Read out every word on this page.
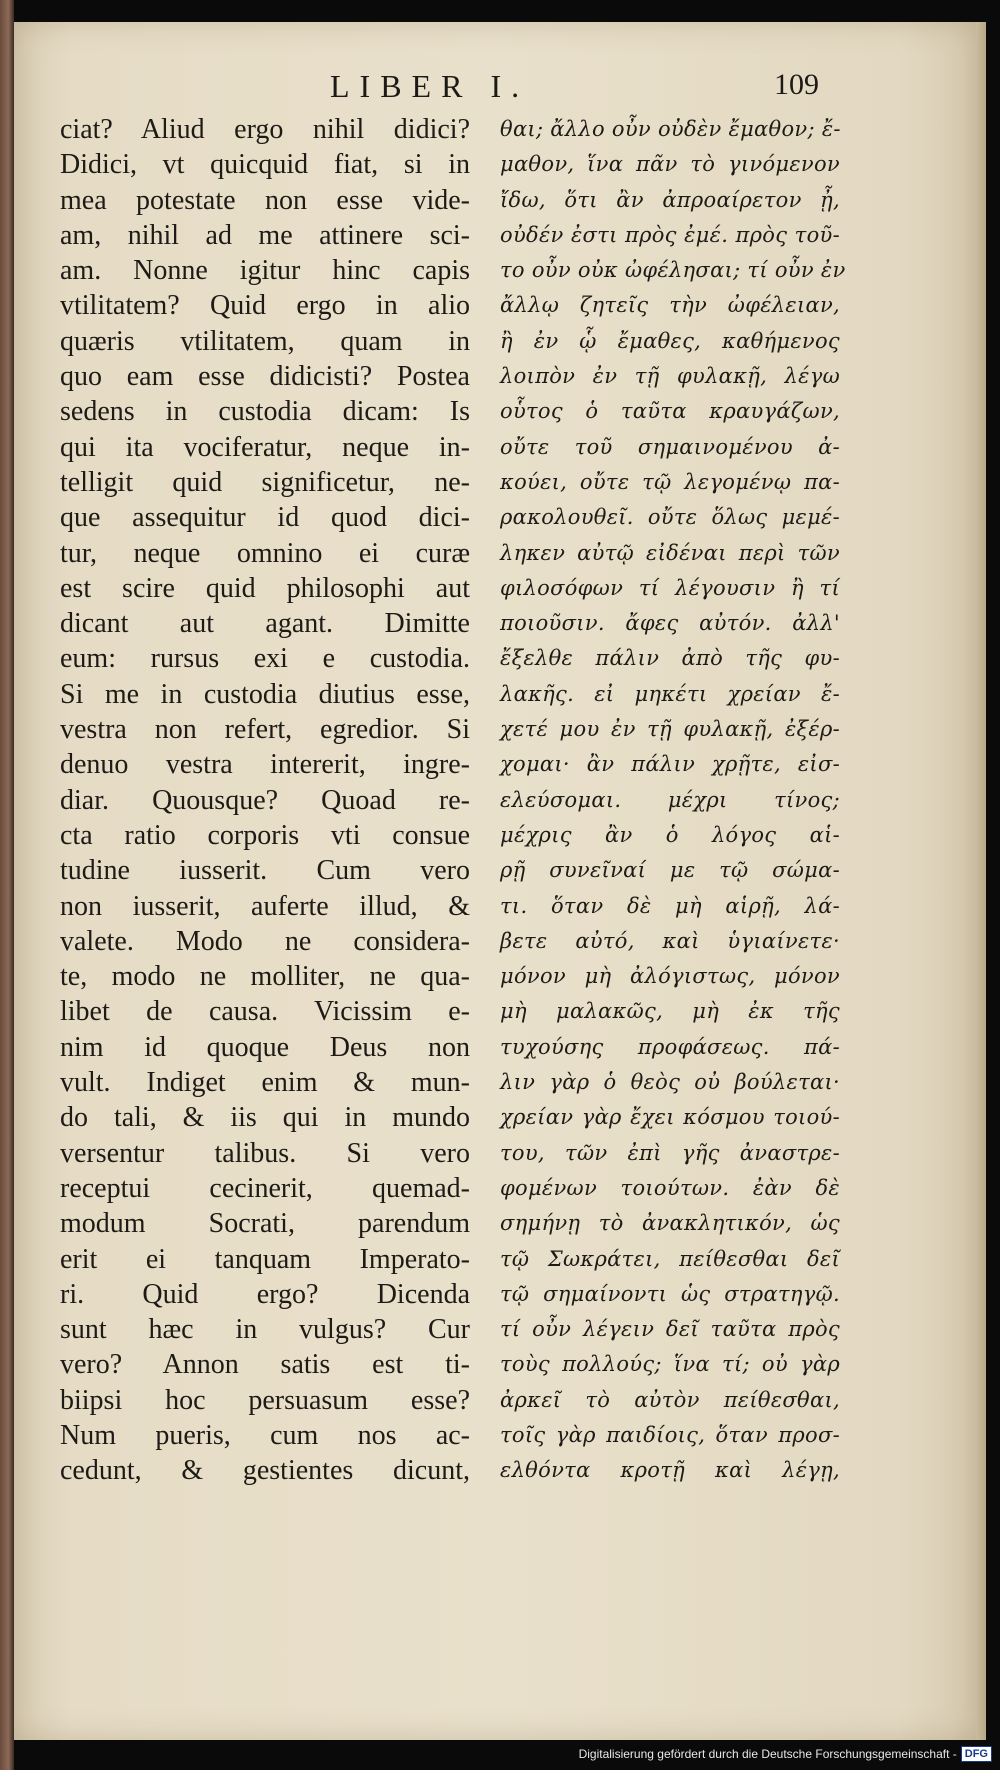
LIBER I.	109
ciat? Aliud ergo nihil didici?
Didici, vt quicquid fiat, si in
mea potestate non esse vide-
am, nihil ad me attinere sci-
am. Nonne igitur hinc capis
vtilitatem? Quid ergo in alio
quæris vtilitatem, quam in
quo eam esse didicisti? Postea
sedens in custodia dicam: Is
qui ita vociferatur, neque in-
telligit quid significetur, ne-
que assequitur id quod dici-
tur, neque omnino ei curæ
est scire quid philosophi aut
dicant aut agant. Dimitte
eum: rursus exi e custodia.
Si me in custodia diutius esse,
vestra non refert, egredior. Si
denuo vestra intererit, ingre-
diar. Quousque? Quoad re-
cta ratio corporis vti consue
tudine iusserit. Cum vero
non iusserit, auferte illud, &
valete. Modo ne considera-
te, modo ne molliter, ne qua-
libet de causa. Vicissim e-
nim id quoque Deus non
vult. Indiget enim & mun-
do tali, & iis qui in mundo
versentur talibus. Si vero
receptui cecinerit, quemad-
modum Socrati, parendum
erit ei tanquam Imperato-
ri. Quid ergo? Dicenda
sunt hæc in vulgus? Cur
vero? Annon satis est ti-
biipsi hoc persuasum esse?
Num pueris, cum nos ac-
cedunt, & gestientes dicunt,
θαι; ἄλλο οὖν οὐδὲν ἔμαθον; ἔ-
μαθον, ἵνα πᾶν τὸ γινόμενον
ἴδω, ὅτι ἂν ἀπροαίρετον ᾖ,
οὐδέν ἐστι πρὸς ἐμέ. πρὸς τοῦ-
το οὖν οὐκ ὠφέλησαι; τί οὖν ἐν
ἄλλῳ ζητεῖς τὴν ὠφέλειαν,
ἢ ἐν ᾧ ἔμαθες, καθήμενος
λοιπὸν ἐν τῇ φυλακῇ, λέγω
οὗτος ὁ ταῦτα κραυγάζων,
οὔτε τοῦ σημαινομένου ἀ-
κούει, οὔτε τῷ λεγομένῳ πα-
ρακολουθεῖ. οὔτε ὅλως μεμέ-
ληκεν αὐτῷ εἰδέναι περὶ τῶν
φιλοσόφων τί λέγουσιν ἢ τί
ποιοῦσιν. ἄφες αὐτόν. ἀλλ'
ἔξελθε πάλιν ἀπὸ τῆς φυ-
λακῆς. εἰ μηκέτι χρείαν ἔ-
χετέ μου ἐν τῇ φυλακῇ, ἐξέρ-
χομαι· ἂν πάλιν χρῇτε, εἰσ-
ελεύσομαι. μέχρι τίνος;
μέχρις ἂν ὁ λόγος αἱ-
ρῇ συνεῖναί με τῷ σώμα-
τι. ὅταν δὲ μὴ αἱρῇ, λά-
βετε αὐτό, καὶ ὑγιαίνετε·
μόνον μὴ ἀλόγιστως, μόνον
μὴ μαλακῶς, μὴ ἐκ τῆς
τυχούσης προφάσεως. πά-
λιν γὰρ ὁ θεὸς οὐ βούλεται·
χρείαν γὰρ ἔχει κόσμου τοιού-
του, τῶν ἐπὶ γῆς ἀναστρε-
φομένων τοιούτων. ἐὰν δὲ
σημήνῃ τὸ ἀνακλητικόν, ὡς
τῷ Σωκράτει, πείθεσθαι δεῖ
τῷ σημαίνοντι ὡς στρατηγῷ.
τί οὖν λέγειν δεῖ ταῦτα πρὸς
τοὺς πολλούς; ἵνα τί; οὐ γὰρ
ἀρκεῖ τὸ αὐτὸν πείθεσθαι,
τοῖς γὰρ παιδίοις, ὅταν προσ-
ελθόντα κροτῇ καὶ λέγῃ,
Digitalisierung gefördert durch die Deutsche Forschungsgemeinschaft - DFG
